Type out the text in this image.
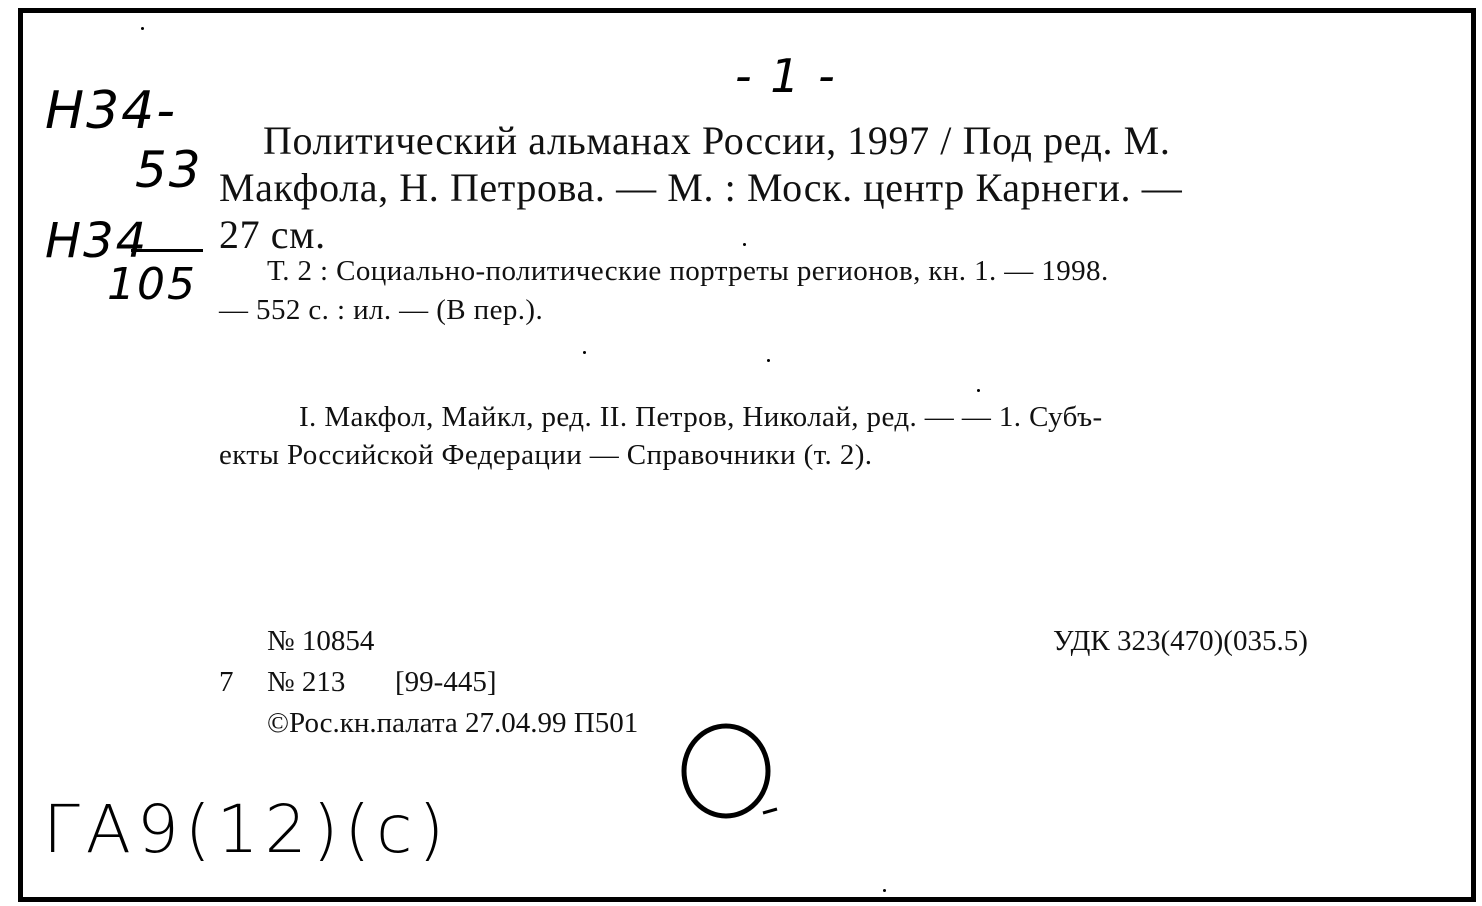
- 1 -
Н34-
53
Н34
105
Политический альманах России, 1997 / Под ред. М.
Макфола, Н. Петрова. — М. : Моск. центр Карнеги. —
27 см.
Т. 2 : Социально-политические портреты регионов, кн. 1. — 1998.
— 552 с. : ил. — (В пер.).
I. Макфол, Майкл, ред. II. Петров, Николай, ред. — — 1. Субъ-
екты Российской Федерации — Справочники (т. 2).
№ 10854	УДК 323(470)(035.5)
7 № 213 [99-445]
©Рос.кн.палата 27.04.99 П501
ГА9(12)(с)
